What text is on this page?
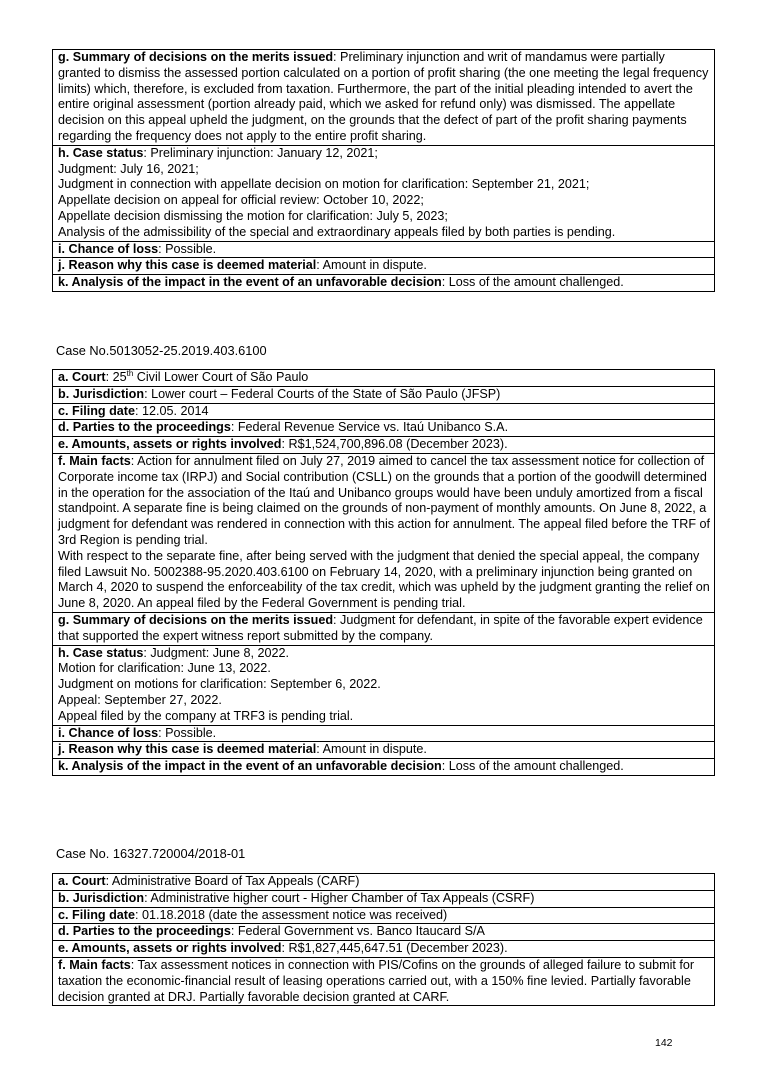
g. Summary of decisions on the merits issued: Preliminary injunction and writ of mandamus were partially granted to dismiss the assessed portion calculated on a portion of profit sharing (the one meeting the legal frequency limits) which, therefore, is excluded from taxation. Furthermore, the part of the initial pleading intended to avert the entire original assessment (portion already paid, which we asked for refund only) was dismissed. The appellate decision on this appeal upheld the judgment, on the grounds that the defect of part of the profit sharing payments regarding the frequency does not apply to the entire profit sharing.

h. Case status: Preliminary injunction: January 12, 2021;
Judgment: July 16, 2021;
Judgment in connection with appellate decision on motion for clarification: September 21, 2021;
Appellate decision on appeal for official review: October 10, 2022;
Appellate decision dismissing the motion for clarification: July 5, 2023;
Analysis of the admissibility of the special and extraordinary appeals filed by both parties is pending.

i. Chance of loss: Possible.
j. Reason why this case is deemed material: Amount in dispute.
k. Analysis of the impact in the event of an unfavorable decision: Loss of the amount challenged.
Case No.5013052-25.2019.403.6100
a. Court: 25th Civil Lower Court of São Paulo
b. Jurisdiction: Lower court – Federal Courts of the State of São Paulo (JFSP)
c. Filing date: 12.05. 2014
d. Parties to the proceedings: Federal Revenue Service vs. Itaú Unibanco S.A.
e. Amounts, assets or rights involved: R$1,524,700,896.08 (December 2023).

f. Main facts: Action for annulment filed on July 27, 2019 aimed to cancel the tax assessment notice for collection of Corporate income tax (IRPJ) and Social contribution (CSLL) on the grounds that a portion of the goodwill determined in the operation for the association of the Itaú and Unibanco groups would have been unduly amortized from a fiscal standpoint. A separate fine is being claimed on the grounds of non-payment of monthly amounts. On June 8, 2022, a judgment for defendant was rendered in connection with this action for annulment. The appeal filed before the TRF of 3rd Region is pending trial.
With respect to the separate fine, after being served with the judgment that denied the special appeal, the company filed Lawsuit No. 5002388-95.2020.403.6100 on February 14, 2020, with a preliminary injunction being granted on March 4, 2020 to suspend the enforceability of the tax credit, which was upheld by the judgment granting the relief on June 8, 2020. An appeal filed by the Federal Government is pending trial.

g. Summary of decisions on the merits issued: Judgment for defendant, in spite of the favorable expert evidence that supported the expert witness report submitted by the company.

h. Case status: Judgment: June 8, 2022.
Motion for clarification: June 13, 2022.
Judgment on motions for clarification: September 6, 2022.
Appeal: September 27, 2022.
Appeal filed by the company at TRF3 is pending trial.

i. Chance of loss: Possible.
j. Reason why this case is deemed material: Amount in dispute.
k. Analysis of the impact in the event of an unfavorable decision: Loss of the amount challenged.
Case No. 16327.720004/2018-01
a. Court: Administrative Board of Tax Appeals (CARF)
b. Jurisdiction: Administrative higher court - Higher Chamber of Tax Appeals (CSRF)
c. Filing date: 01.18.2018 (date the assessment notice was received)
d. Parties to the proceedings: Federal Government vs. Banco Itaucard S/A
e. Amounts, assets or rights involved: R$1,827,445,647.51 (December 2023).
f. Main facts: Tax assessment notices in connection with PIS/Cofins on the grounds of alleged failure to submit for taxation the economic-financial result of leasing operations carried out, with a 150% fine levied. Partially favorable decision granted at DRJ. Partially favorable decision granted at CARF.
142
